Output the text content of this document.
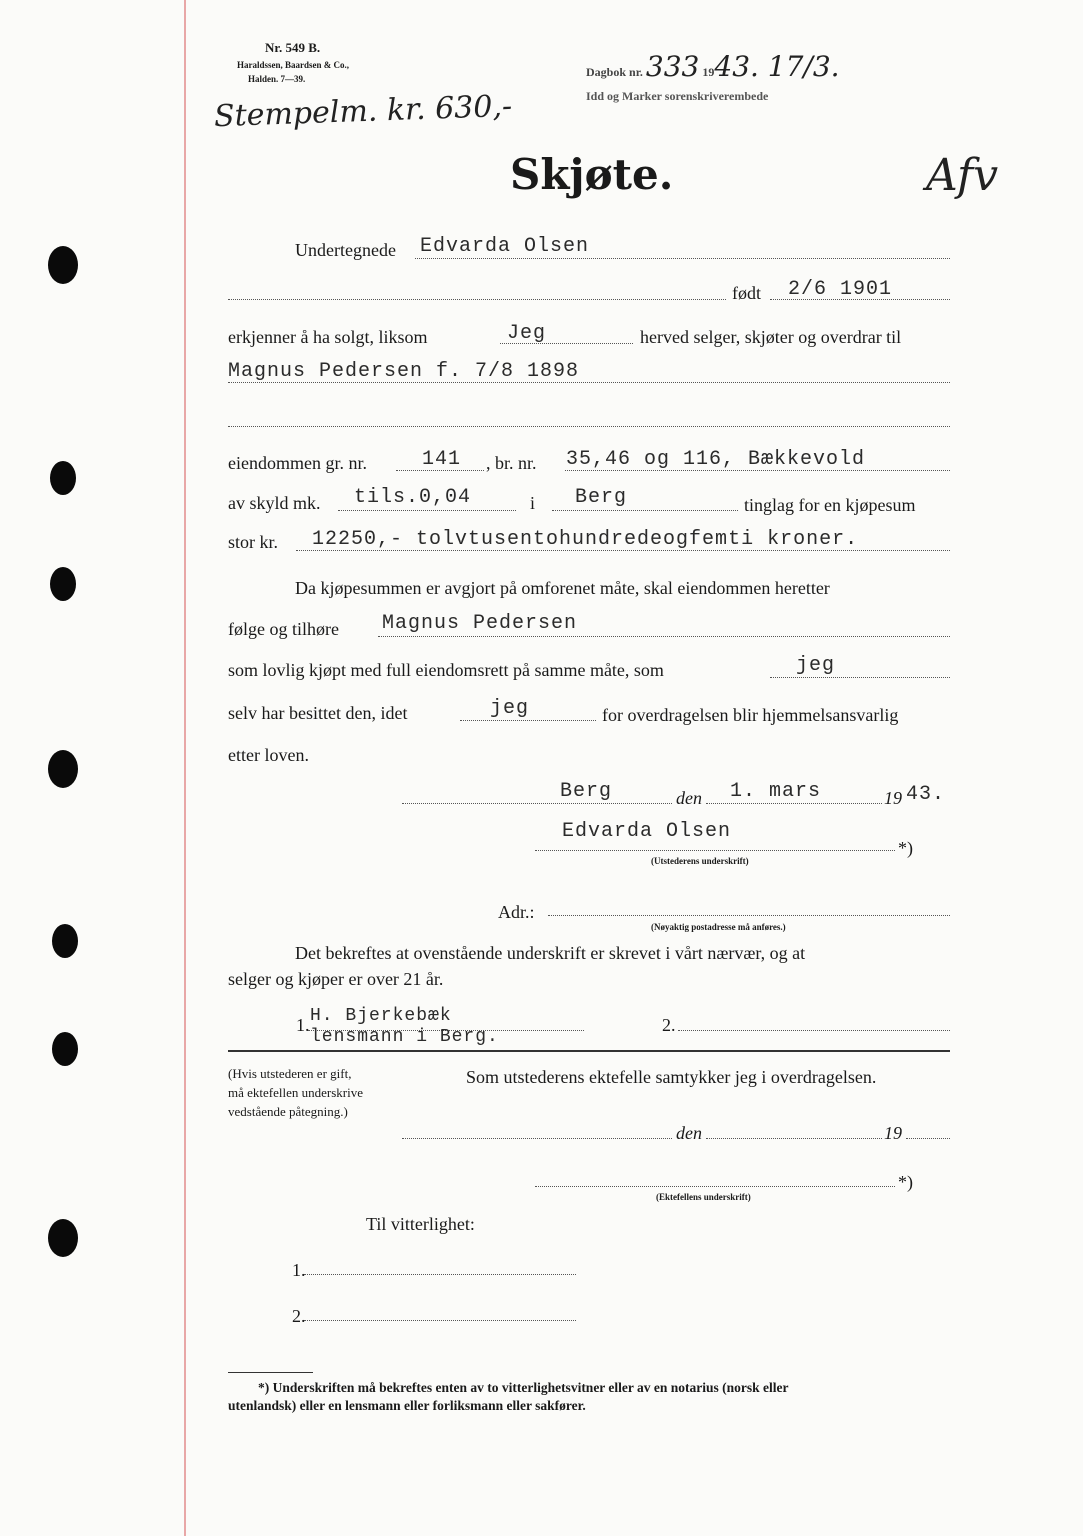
Nr. 549 B.
Haraldssen, Baardsen & Co.,
Halden. 7—39.
Stempelm. kr. 630,-
Dagbok nr. 333 1943. 17/3.
Idd og Marker sorenskriverembede
Afv
Skjøte.
Undertegnede Edvarda Olsen
født 2/6 1901
erkjenner å ha solgt, liksom	Jeg	herved selger, skjøter og overdrar til
Magnus Pedersen f. 7/8 1898
eiendommen gr. nr.	141 , br. nr. 35,46 og 116, Bækkevold
av skyld mk. tils.0,04	i Berg	tinglag for en kjøpesum
stor kr. 12250,- tolvtusentohundredeogfemti kroner.
Da kjøpesummen er avgjort på omforenet måte, skal eiendommen heretter
følge og tilhøre Magnus Pedersen
som lovlig kjøpt med full eiendomsrett på samme måte, som	jeg
selv har besittet den, idet	jeg	for overdragelsen blir hjemmelsansvarlig
etter loven.
Berg	den 1. mars	19 43.
Edvarda Olsen
*)
(Utstederens underskrift)
Adr.:
(Nøyaktig postadresse må anføres.)
Det bekreftes at ovenstående underskrift er skrevet i vårt nærvær, og at
selger og kjøper er over 21 år.
1. H. Bjerkebæk
lensmann i Berg.
2.
(Hvis utstederen er gift,
må ektefellen underskrive
vedstående påtegning.)
Som utstederens ektefelle samtykker jeg i overdragelsen.
den	19
*)
(Ektefellens underskrift)
Til vitterlighet:
1.
2.
*) Underskriften må bekreftes enten av to vitterlighetsvitner eller av en notarius (norsk eller
utenlandsk) eller en lensmann eller forliksmann eller sakfører.
